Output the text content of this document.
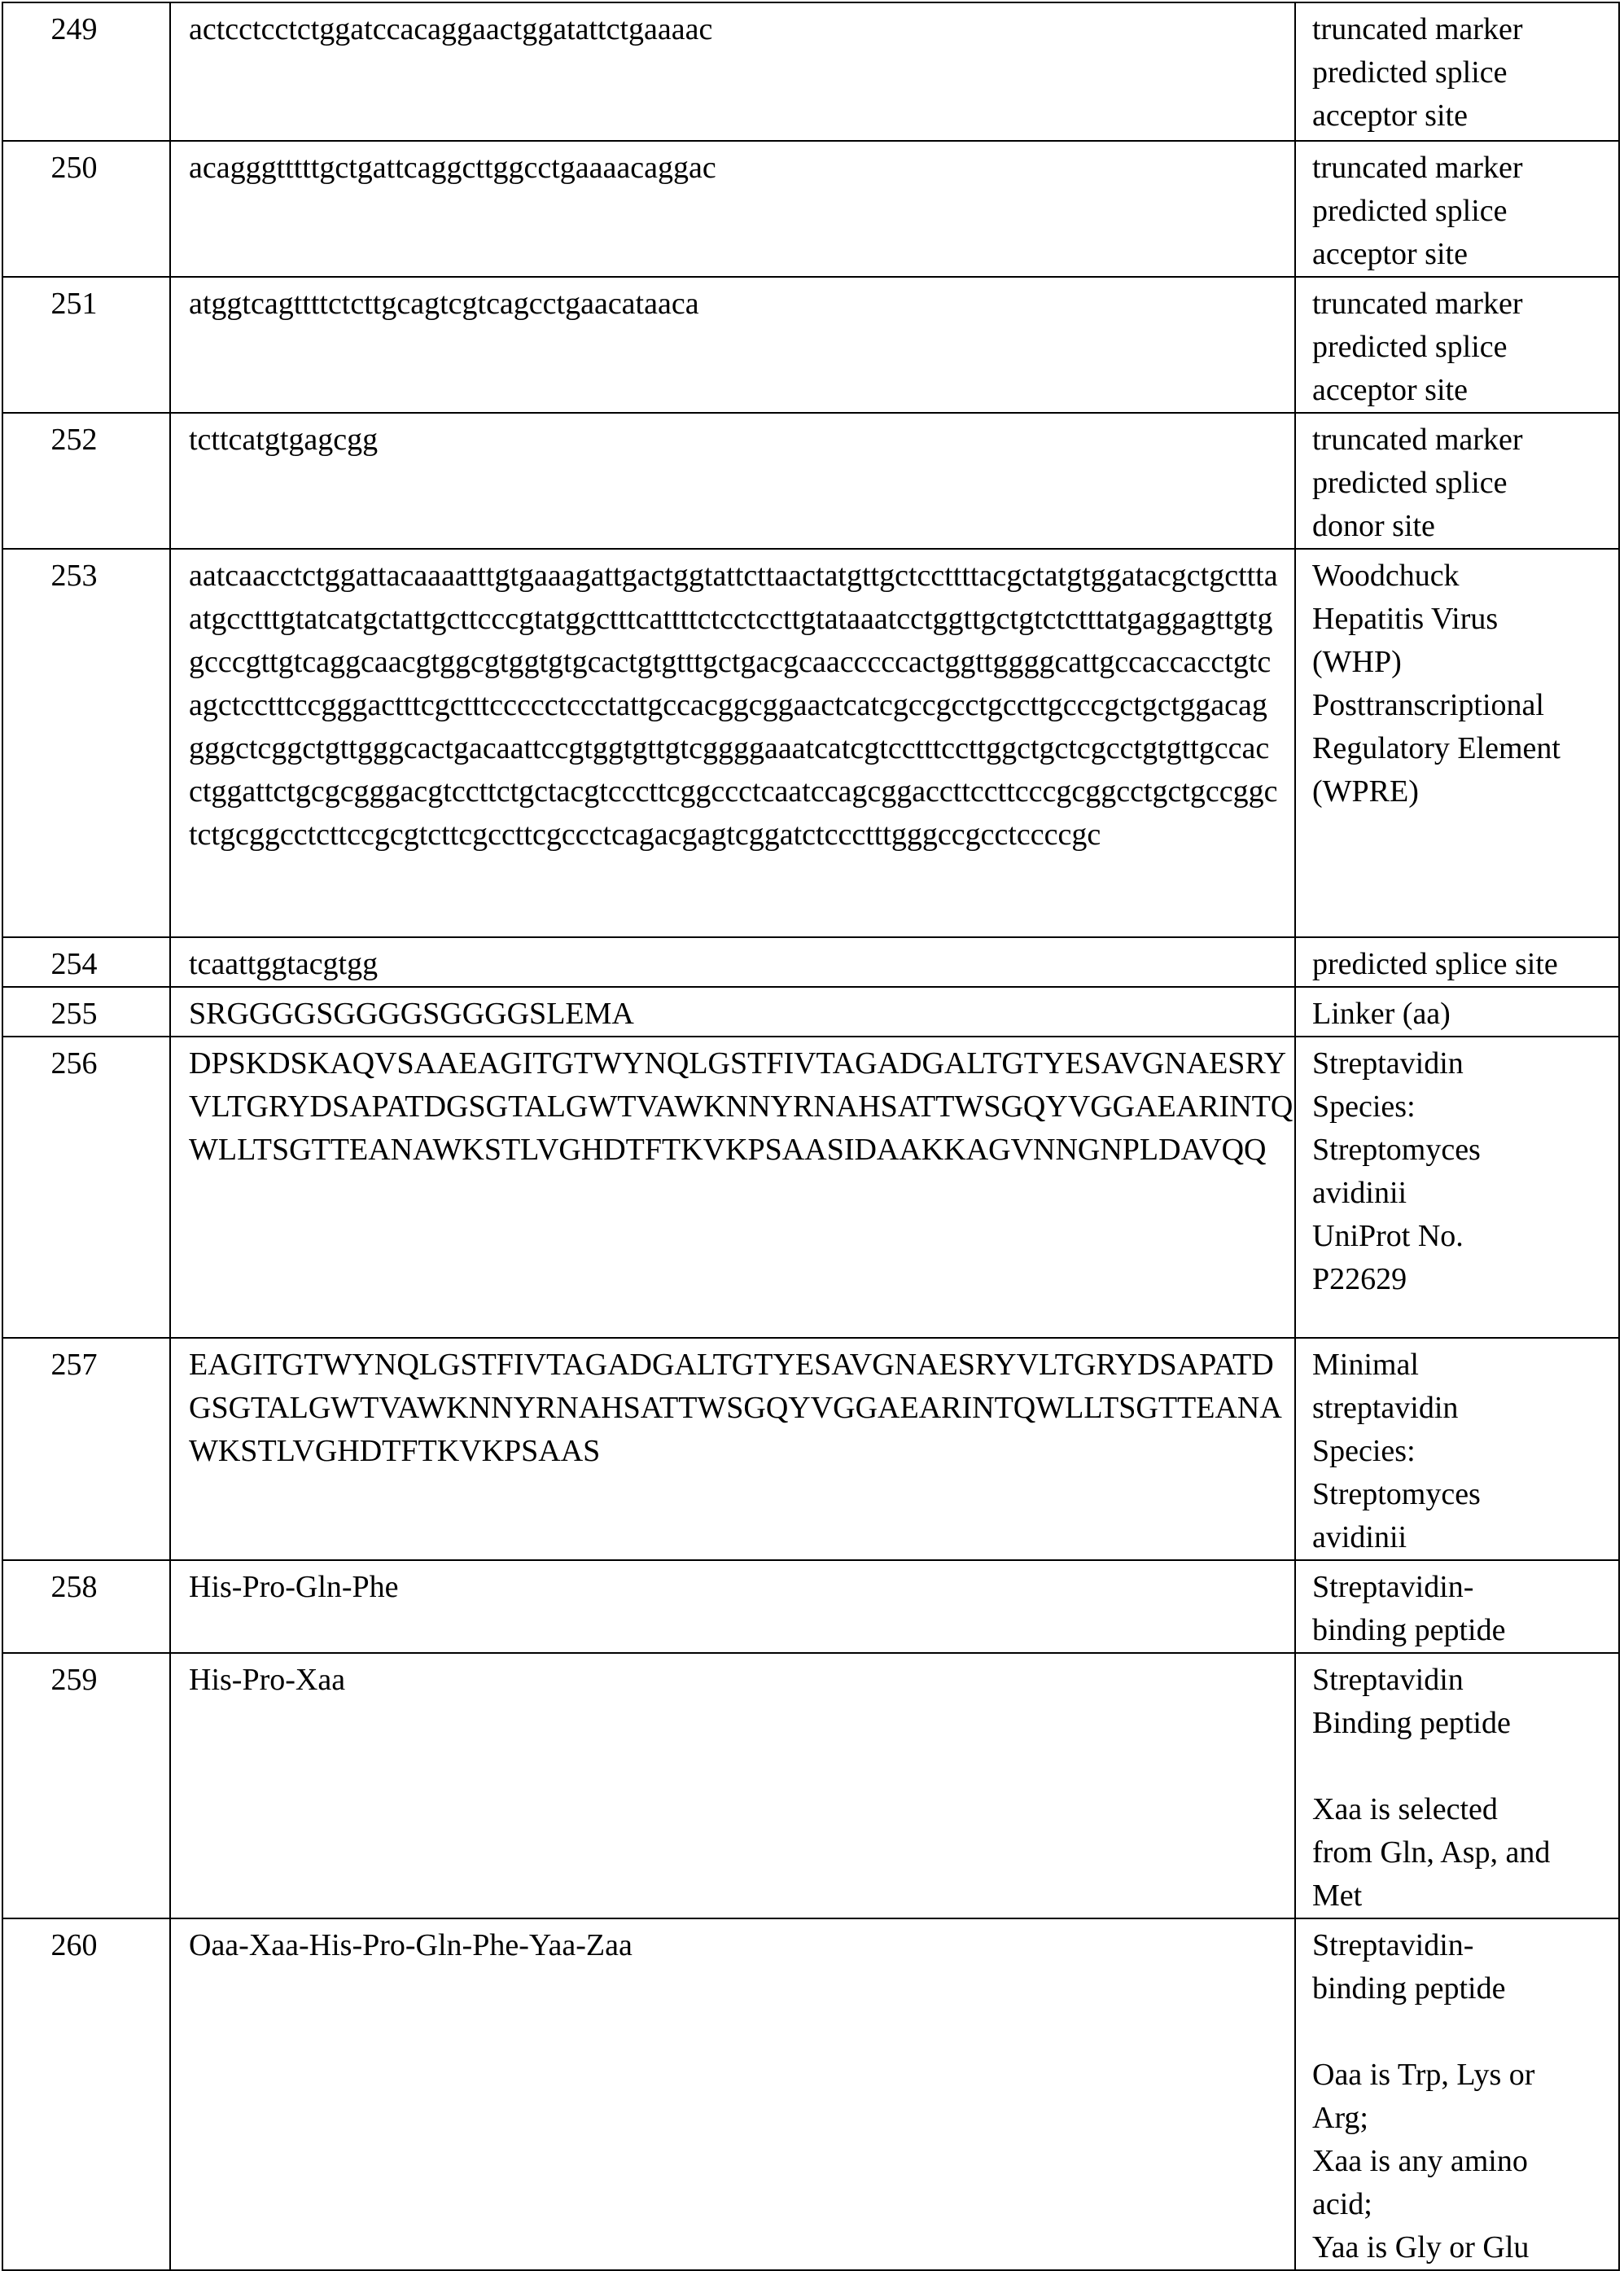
249	actcctcctctggatccacaggaactggatattctgaaaac	truncated marker
predicted splice
acceptor site
250	acagggtttttgctgattcaggcttggcctgaaaacaggac	truncated marker
predicted splice
acceptor site
251	atggtcagttttctcttgcagtcgtcagcctgaacataaca	truncated marker
predicted splice
acceptor site
252	tcttcatgtgagcgg	truncated marker
predicted splice
donor site
253	aatcaacctctggattacaaaatttgtgaaagattgactggtattcttaactatgttgctccttttacgctatgtggatacgctgctttaatgcctttgtatcatgctattgcttcccgtatggctttcattttctcctccttgtataaatcctggttgctgtctctttatgaggagttgtggcccgttgtcaggcaacgtggcgtggtgtgcactgtgtttgctgacgcaacccccactggttggggcattgccaccacctgtcagctcctttccgggactttcgctttccccctccctattgccacggcggaactcatcgccgcctgccttgcccgctgctggacaggggctcggctgttgggcactgacaattccgtggtgttgtcggggaaatcatcgtcctttccttggctgctcgcctgtgttgccacctggattctgcgcgggacgtccttctgctacgtcccttcggccctcaatccagcggaccttccttcccgcggcctgctgccggctctgcggcctcttccgcgtcttcgccttcgccctcagacgagtcggatctccctttgggccgcctccccgc	Woodchuck
Hepatitis Virus
(WHP)
Posttranscriptional
Regulatory Element
(WPRE)
254	tcaattggtacgtgg	predicted splice site
255	SRGGGGSGGGGSGGGGSLEMA	Linker (aa)
256	DPSKDSKAQVSAAEAGITGTWYNQLGSTFIVTAGADGALTGTYESAVGNAESRYVLTGRYDSAPATDGSGTALGWTVAWKNNYRNAHSATTWSGQYVGGAEARINTQWLLTSGTTEANAWKSTLVGHDTFTKVKPSAASIDAAKKAGVNNGNPLDAVQQ	Streptavidin
Species:
Streptomyces
avidinii
UniProt No.
P22629
257	EAGITGTWYNQLGSTFIVTAGADGALTGTYESAVGNAESRYVLTGRYDSAPATDGSGTALGWTVAWKNNYRNAHSATTWSGQYVGGAEARINTQWLLTSGTTEANAWKSTLVGHDTFTKVKPSAAS	Minimal
streptavidin
Species:
Streptomyces
avidinii
258	His-Pro-Gln-Phe	Streptavidin-
binding peptide
259	His-Pro-Xaa	Streptavidin
Binding peptide

Xaa is selected
from Gln, Asp, and
Met
260	Oaa-Xaa-His-Pro-Gln-Phe-Yaa-Zaa	Streptavidin-
binding peptide

Oaa is Trp, Lys or
Arg;
Xaa is any amino
acid;
Yaa is Gly or Glu
